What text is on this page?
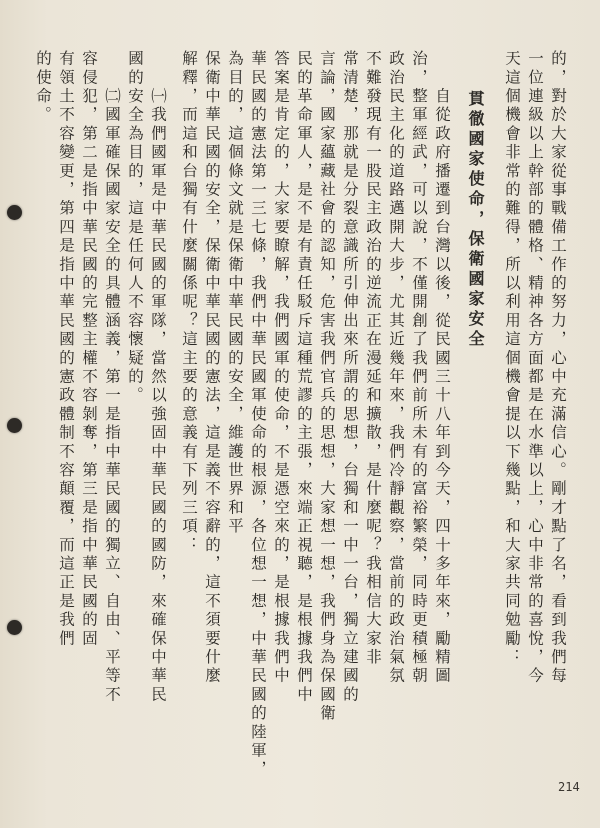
的，對於大家從事戰備工作的努力，心中充滿信心。剛才點了名，看到我們每
一位連級以上幹部的體格、精神各方面都是在水準以上，心中非常的喜悅，今
天這個機會非常的難得，所以利用這個機會提以下幾點，和大家共同勉勵：
　　貫徹國家使命，保衛國家安全
　　自從政府播遷到台灣以後，從民國三十八年到今天，四十多年來，勵精圖
治，整軍經武，可以說，不僅開創了我們前所未有的富裕繁榮，同時更積極朝
政治民主化的道路邁開大步，尤其近幾年來，我們冷靜觀察，當前的政治氣氛
不難發現有一股民主政治的逆流正在漫延和擴散，是什麼呢？我相信大家非
常清楚，那就是分裂意識所引伸出來所謂的思想，台獨和一中一台，獨立建國的
言論，國家蘊藏社會的認知，危害我們官兵的思想，大家想一想，我們身為保國衛
民的革命軍人，是不是有責任駁斥這種荒謬的主張，來端正視聽，是根據我們中
答案是肯定的，大家要瞭解，我們國軍的使命，不是憑空來的，是根據我們中
華民國的憲法第一三七條，我們中華民國軍使命的根源，各位想一想，中華民國的陸軍，
為目的，這個條文就是保衛中華民國的安全，維護世界和平
保衛中華民國的安全，保衛中華民國的憲法，這是義不容辭的，這不須要什麼
解釋，而這和台獨有什麼關係呢？這主要的意義有下列三項：
　　㈠我們國軍是中華民國的軍隊，當然以強固中華民國的國防，來確保中華民
國的安全為目的，這是任何人不容懷疑的。
　　㈡國軍確保國家安全的具體涵義，第一是指中華民國的獨立、自由、平等不
容侵犯，第二是指中華民國的完整主權不容剝奪，第三是指中華民國的固
有領土不容變更，第四是指中華民國的憲政體制不容顛覆，而這正是我們
的使命。
214
